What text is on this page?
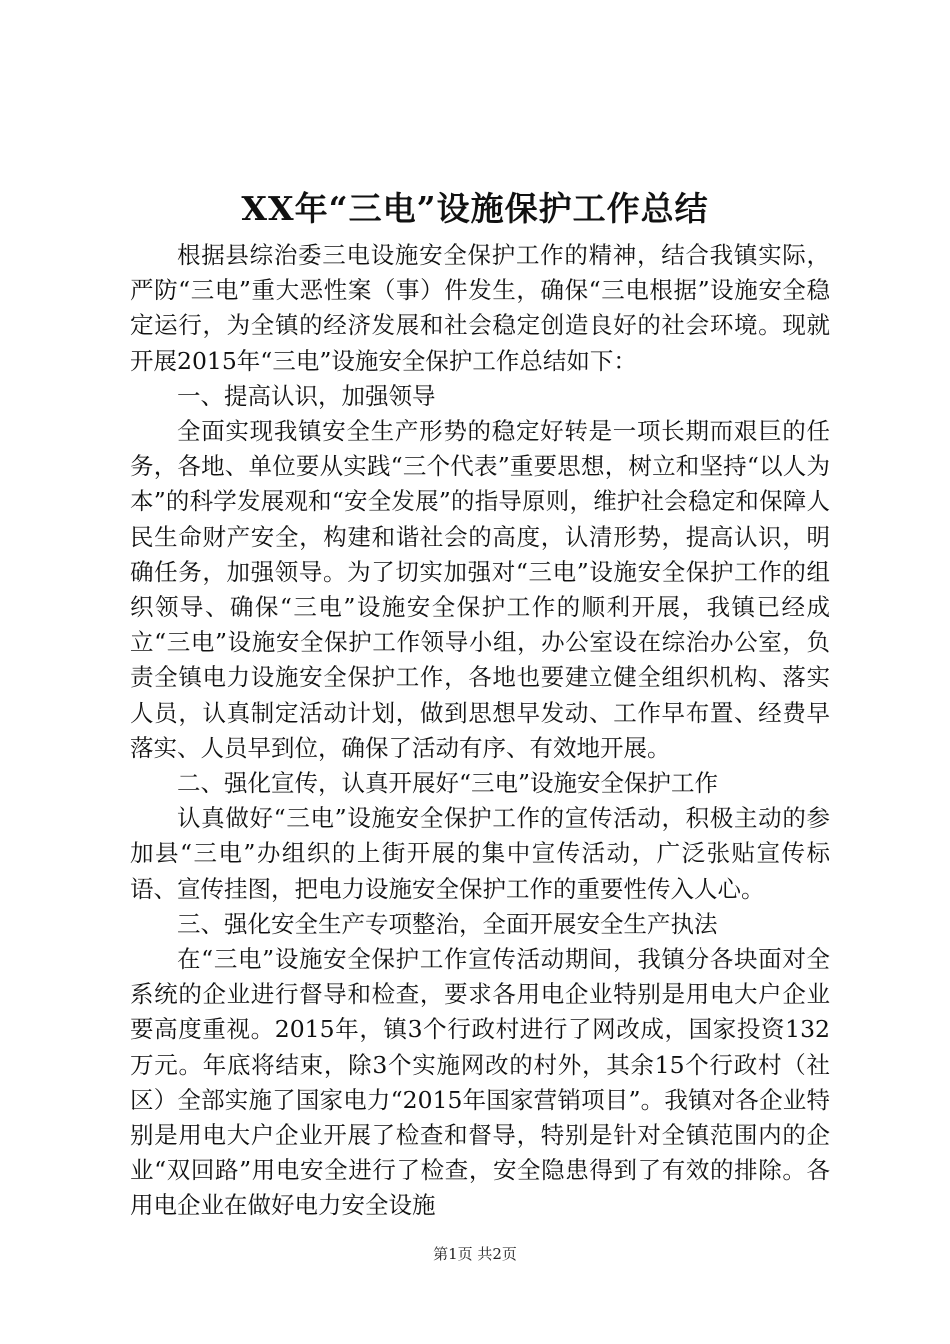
XX年“三电”设施保护工作总结

根据县综治委三电设施安全保护工作的精神，结合我镇实际，严防“三电”重大恶性案（事）件发生，确保“三电根据”设施安全稳定运行，为全镇的经济发展和社会稳定创造良好的社会环境。现就开展2015年“三电”设施安全保护工作总结如下：

一、提高认识，加强领导

全面实现我镇安全生产形势的稳定好转是一项长期而艰巨的任务，各地、单位要从实践“三个代表”重要思想，树立和坚持“以人为本”的科学发展观和“安全发展”的指导原则，维护社会稳定和保障人民生命财产安全，构建和谐社会的高度，认清形势，提高认识，明确任务，加强领导。为了切实加强对“三电”设施安全保护工作的组织领导、确保“三电”设施安全保护工作的顺利开展，我镇已经成立“三电”设施安全保护工作领导小组，办公室设在综治办公室，负责全镇电力设施安全保护工作，各地也要建立健全组织机构、落实人员，认真制定活动计划，做到思想早发动、工作早布置、经费早落实、人员早到位，确保了活动有序、有效地开展。

二、强化宣传，认真开展好“三电”设施安全保护工作

认真做好“三电”设施安全保护工作的宣传活动，积极主动的参加县“三电”办组织的上街开展的集中宣传活动，广泛张贴宣传标语、宣传挂图，把电力设施安全保护工作的重要性传入人心。

三、强化安全生产专项整治，全面开展安全生产执法

在“三电”设施安全保护工作宣传活动期间，我镇分各块面对全系统的企业进行督导和检查，要求各用电企业特别是用电大户企业要高度重视。2015年，镇3个行政村进行了网改成，国家投资132万元。年底将结束，除3个实施网改的村外，其余15个行政村（社区）全部实施了国家电力“2015年国家营销项目”。我镇对各企业特别是用电大户企业开展了检查和督导，特别是针对全镇范围内的企业“双回路”用电安全进行了检查，安全隐患得到了有效的排除。各用电企业在做好电力安全设施

第1页 共2页
